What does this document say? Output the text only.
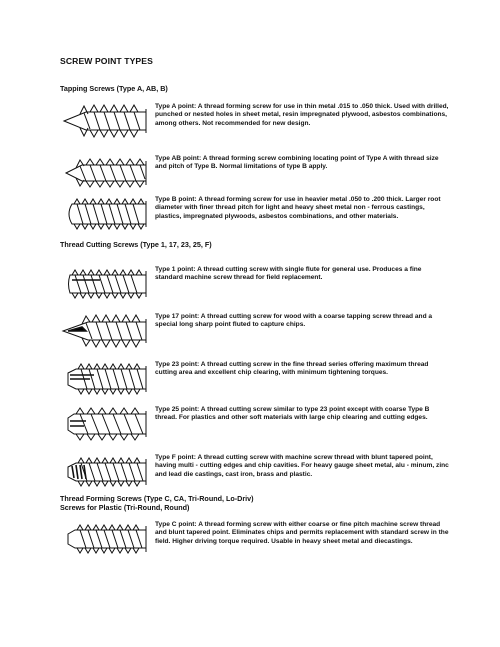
SCREW POINT TYPES
Tapping Screws (Type A, AB, B)
Type A point: A thread forming screw for use in thin metal .015 to .050 thick. Used with drilled, punched or nested holes in sheet metal, resin impregnated plywood, asbestos combinations, among others. Not recommended for new design.
Type AB point: A thread forming screw combining locating point of Type A with thread size and pitch of Type B. Normal limitations of type B apply.
Type B point: A thread forming screw for use in heavier metal .050 to .200 thick. Larger root diameter with finer thread pitch for light and heavy sheet metal non - ferrous castings, plastics, impregnated plywoods, asbestos combinations, and other materials.
Thread Cutting Screws (Type 1, 17, 23, 25, F)
Type 1 point: A thread cutting screw with single flute for general use. Produces a fine standard machine screw thread for field replacement.
Type 17 point: A thread cutting screw for wood with a coarse tapping screw thread and a special long sharp point fluted to capture chips.
Type 23 point: A thread cutting screw in the fine thread series offering maximum thread cutting area and excellent chip clearing, with minimum tightening torques.
Type 25 point: A thread cutting screw similar to type 23 point except with coarse Type B thread. For plastics and other soft materials with large chip clearing and cutting edges.
Type F point: A thread cutting screw with machine screw thread with blunt tapered point, having multi - cutting edges and chip cavities. For heavy gauge sheet metal, alu - minum, zinc and lead die castings, cast iron, brass and plastic.
Thread Forming Screws (Type C, CA, Tri-Round, Lo-Driv)
Screws for Plastic (Tri-Round, Round)
Type C point: A thread forming screw with either coarse or fine pitch machine screw thread and blunt tapered point. Eliminates chips and permits replacement with standard screw in the field. Higher driving torque required. Usable in heavy sheet metal and diecastings.
